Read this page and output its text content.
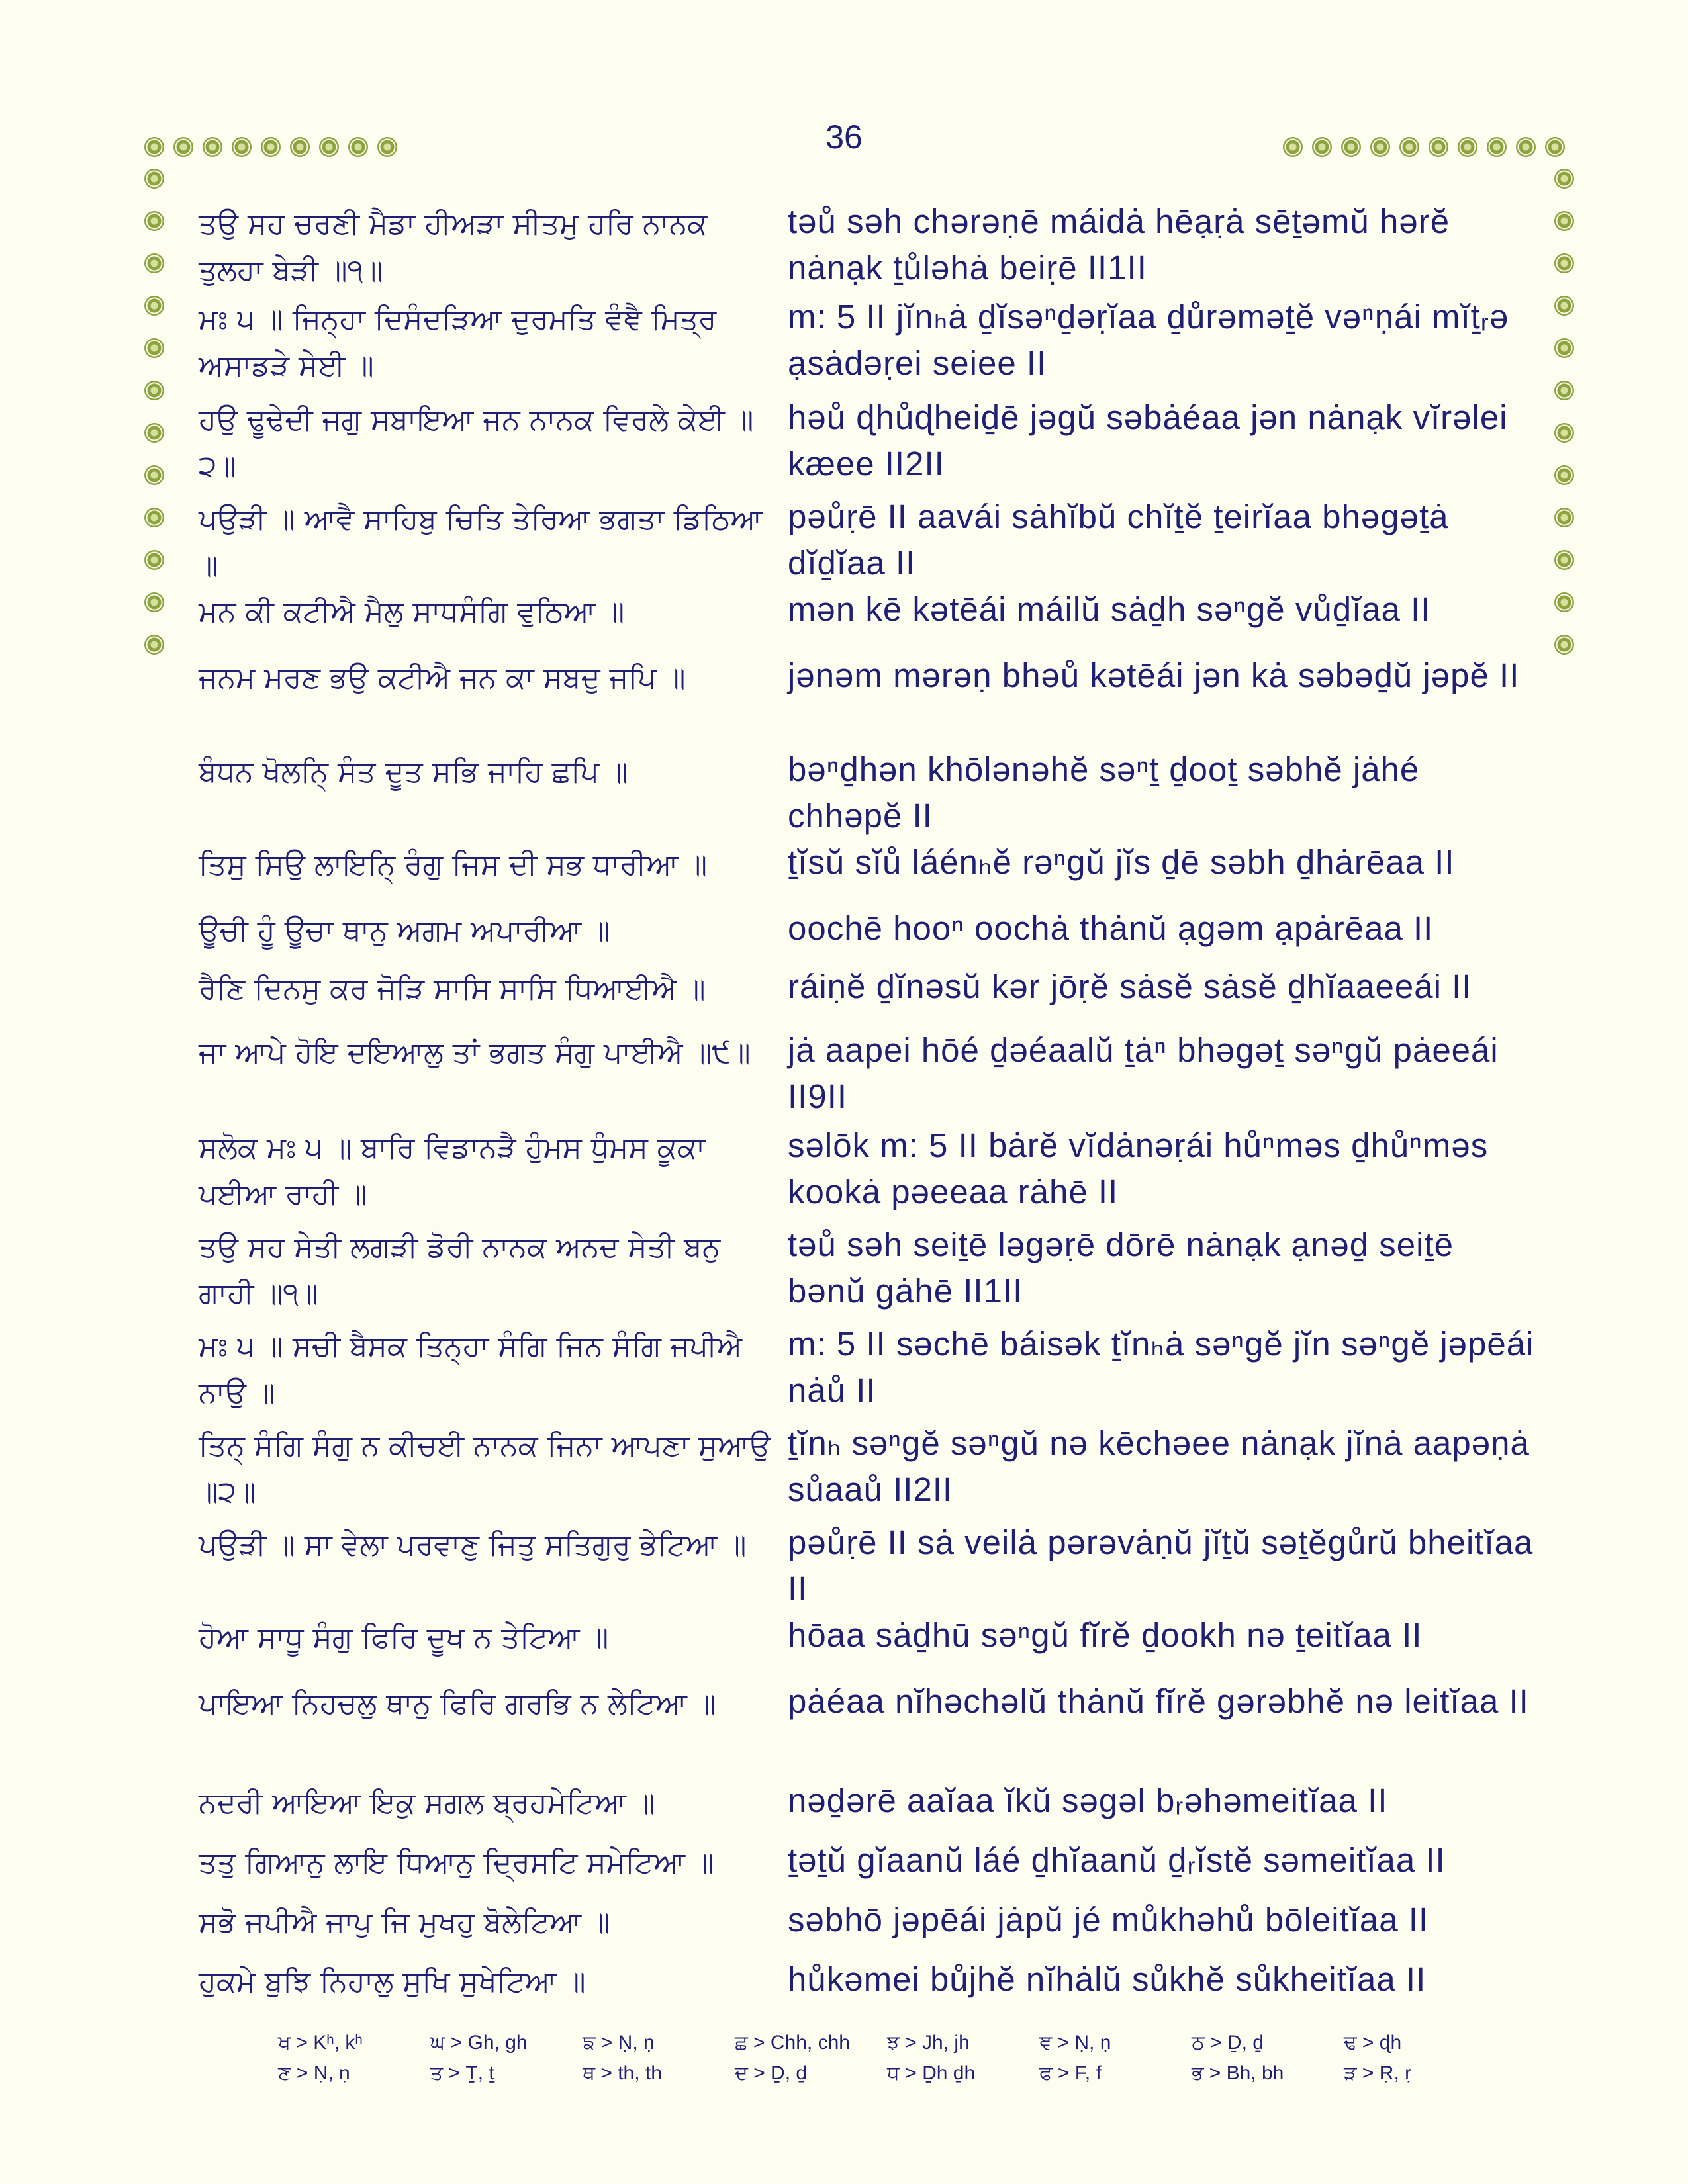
36
ਤਉ ਸਹ ਚਰਣੀ ਮੈਡਾ ਹੀਅੜਾ ਸੀਤਮੁ ਹਰਿ ਨਾਨਕ ਤੁਲਹਾ ਬੇੜੀ ॥੧॥
təů səh chərəṇē máidȧ hēạṛȧ sēṯəmŭ hərĕ nȧnạk ṯůləhȧ beiṛē II1II
ਮਃ ੫ ॥ ਜਿਨ੍ਹਾ ਦਿਸੰਦੜਿਆ ਦੁਰਮਤਿ ਵੰਞੈ ਮਿਤ੍ਰ ਅਸਾਡੜੇ ਸੇਈ ॥
m: 5 II jĭnₕȧ ḏĭsəⁿḏəṛĭaa ḏůrəməṯĕ vəⁿṇái mĭṯᵣə ạsȧdəṛei seiee II
ਹਉ ਢੂਢੇਦੀ ਜਗੁ ਸਬਾਇਆ ਜਨ ਨਾਨਕ ਵਿਰਲੇ ਕੇਈ ॥੨॥
həů ɖhůɖheiḏē jəgŭ səbȧéaa jən nȧnạk vĭrəlei kæee II2II
ਪਉੜੀ ॥ ਆਵੈ ਸਾਹਿਬੁ ਚਿਤਿ ਤੇਰਿਆ ਭਗਤਾ ਡਿਠਿਆ ॥
pəůṛē II aavái sȧhĭbŭ chĭṯĕ ṯeirĭaa bhəgəṯȧ dĭḏĭaa II
ਮਨ ਕੀ ਕਟੀਐ ਮੈਲੁ ਸਾਧਸੰਗਿ ਵੁਠਿਆ ॥	mən kē kətēái máilŭ sȧḏh səⁿgĕ vůḏĭaa II
ਜਨਮ ਮਰਣ ਭਉ ਕਟੀਐ ਜਨ ਕਾ ਸਬਦੁ ਜਪਿ ॥	jənəm mərəṇ bhəů kətēái jən kȧ səbəḏŭ jəpĕ II
ਬੰਧਨ ਖੋਲਨਿ੍ ਸੰਤ ਦੂਤ ਸਭਿ ਜਾਹਿ ਛਪਿ ॥	bəⁿḏhən khōlənəhĕ səⁿṯ ḏooṯ səbhĕ jȧhé chhəpĕ II
ਤਿਸੁ ਸਿਉ ਲਾਇਨਿ੍ ਰੰਗੁ ਜਿਸ ਦੀ ਸਭ ਧਾਰੀਆ ॥	ṯĭsŭ sĭů láénₕĕ rəⁿgŭ jĭs ḏē səbh ḏhȧrēaa II
ਊਚੀ ਹੂੰ ਊਚਾ ਥਾਨੁ ਅਗਮ ਅਪਾਰੀਆ ॥	oochē hooⁿ oochȧ thȧnŭ ạgəm ạpȧrēaa II
ਰੈਣਿ ਦਿਨਸੁ ਕਰ ਜੋੜਿ ਸਾਸਿ ਸਾਸਿ ਧਿਆਈਐ ॥	ráiṇĕ ḏĭnəsŭ kər jōṛĕ sȧsĕ sȧsĕ ḏhĭaaeeái II
ਜਾ ਆਪੇ ਹੋਇ ਦਇਆਲੁ ਤਾਂ ਭਗਤ ਸੰਗੁ ਪਾਈਐ ॥੯॥	jȧ aapei hōé ḏəéaalŭ ṯȧⁿ bhəgəṯ səⁿgŭ pȧeeái II9II
ਸਲੋਕ ਮਃ ੫ ॥ ਬਾਰਿ ਵਿਡਾਨੜੈ ਹੁੰਮਸ ਧੁੰਮਸ ਕੂਕਾ ਪਈਆ ਰਾਹੀ ॥
səlōk m: 5 II bȧrĕ vĭdȧnəṛái hůⁿməs ḏhůⁿməs kookȧ pəeeaa rȧhē II
ਤਉ ਸਹ ਸੇਤੀ ਲਗੜੀ ਡੋਰੀ ਨਾਨਕ ਅਨਦ ਸੇਤੀ ਬਨੁ ਗਾਹੀ ॥੧॥
təů səh seiṯē ləgəṛē dōrē nȧnạk ạnəḏ seiṯē bənŭ gȧhē II1II
ਮਃ ੫ ॥ ਸਚੀ ਬੈਸਕ ਤਿਨ੍ਹਾ ਸੰਗਿ ਜਿਨ ਸੰਗਿ ਜਪੀਐ ਨਾਉ ॥
m: 5 II səchē báisək ṯĭnₕȧ səⁿgĕ jĭn səⁿgĕ jəpēái nȧů II
ਤਿਨ੍ ਸੰਗਿ ਸੰਗੁ ਨ ਕੀਚਈ ਨਾਨਕ ਜਿਨਾ ਆਪਣਾ ਸੁਆਉ ॥੨॥
ṯĭnₕ səⁿgĕ səⁿgŭ nə kēchəee nȧnạk jĭnȧ aapəṇȧ sůaaů II2II
ਪਉੜੀ ॥ ਸਾ ਵੇਲਾ ਪਰਵਾਣੁ ਜਿਤੁ ਸਤਿਗੁਰੁ ਭੇਟਿਆ ॥	pəůṛē II sȧ veilȧ pərəvȧṇŭ jĭṯŭ səṯĕgůrŭ bheitĭaa II
ਹੋਆ ਸਾਧੂ ਸੰਗੁ ਫਿਰਿ ਦੂਖ ਨ ਤੇਟਿਆ ॥	hōaa sȧḏhū səⁿgŭ fĭrĕ ḏookh nə ṯeitĭaa II
ਪਾਇਆ ਨਿਹਚਲੁ ਥਾਨੁ ਫਿਰਿ ਗਰਭਿ ਨ ਲੇਟਿਆ ॥	pȧéaa nĭhəchəlŭ thȧnŭ fĭrĕ gərəbhĕ nə leitĭaa II
ਨਦਰੀ ਆਇਆ ਇਕੁ ਸਗਲ ਬ੍ਰਹਮੇਟਿਆ ॥	nəḏərē aaĭaa ĭkŭ səgəl bᵣəhəmeitĭaa II
ਤਤੁ ਗਿਆਨੁ ਲਾਇ ਧਿਆਨੁ ਦ੍ਰਿਸਟਿ ਸਮੇਟਿਆ ॥	ṯəṯŭ gĭaanŭ láé ḏhĭaanŭ ḏᵣĭstĕ səmeitĭaa II
ਸਭੋ ਜਪੀਐ ਜਾਪੁ ਜਿ ਮੁਖਹੁ ਬੋਲੇਟਿਆ ॥	səbhō jəpēái jȧpŭ jé můkhəhů bōleitĭaa II
ਹੁਕਮੇ ਬੁਝਿ ਨਿਹਾਲੁ ਸੁਖਿ ਸੁਖੇਟਿਆ ॥	hůkəmei bůjhĕ nĭhȧlŭ sůkhĕ sůkheitĭaa II
ਖ > Kʰ, kʰ	ਘ > Gh, gh	ਙ > Ṇ, ṇ	ਛ > Chh, chh	ਝ > Jh, jh	ਞ > Ṇ, ṇ	ਠ > Ḏ, ḏ	ਢ > ɖh
ਣ > Ṇ, ṇ	ਤ > Ṯ, ṯ	ਥ > th, th	ਦ > Ḏ, ḏ	ਧ > Ḏh ḏh	ਫ > F, f	ਭ > Bh, bh	ੜ > Ṛ, ṛ
